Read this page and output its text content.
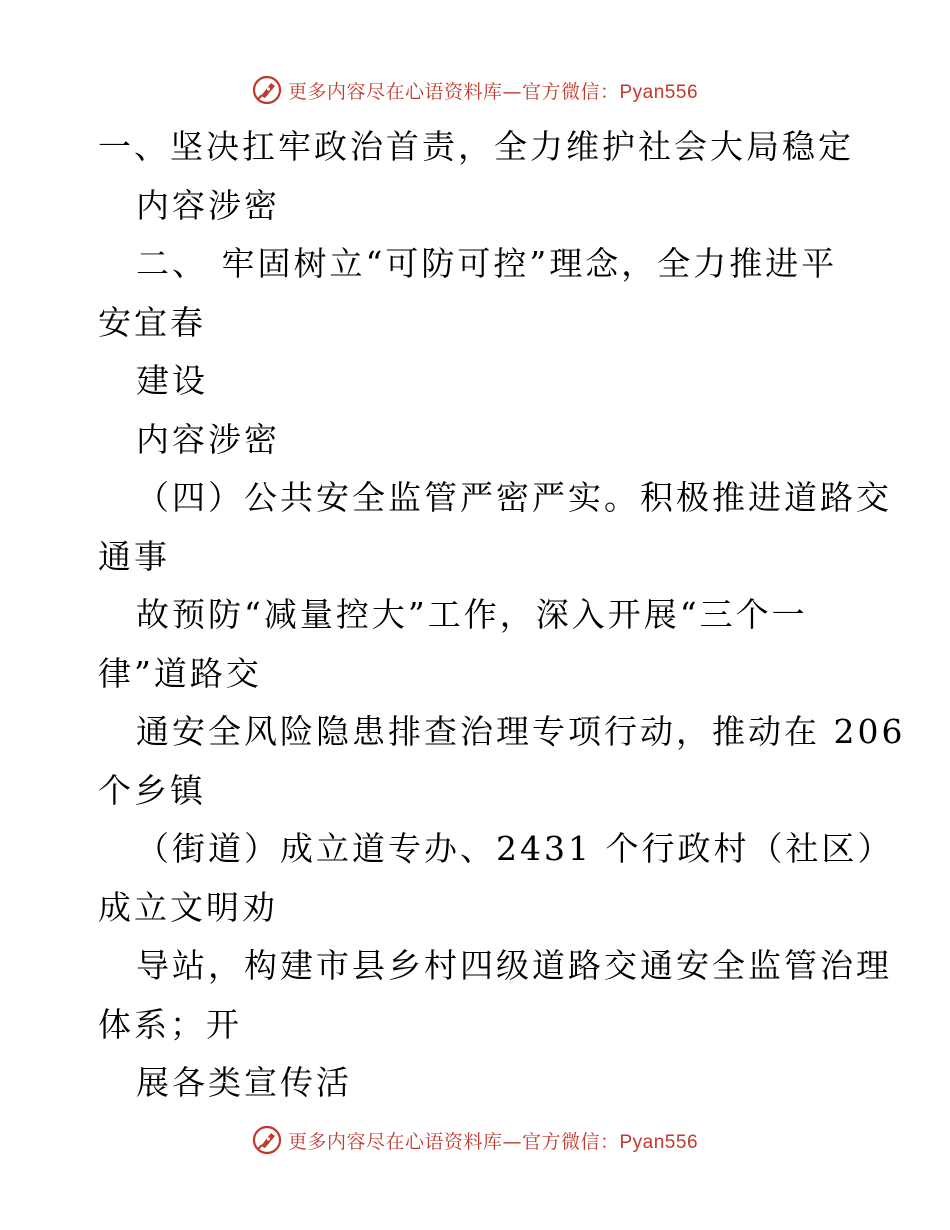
更多内容尽在心语资料库—官方微信：Pyan556
一、坚决扛牢政治首责，全力维护社会大局稳定
内容涉密
二、 牢固树立“可防可控”理念，全力推进平
安宜春
建设
内容涉密
（四）公共安全监管严密严实。积极推进道路交
通事
故预防“减量控大”工作，深入开展“三个一
律”道路交
通安全风险隐患排查治理专项行动，推动在 206
个乡镇
（街道）成立道专办、2431 个行政村（社区）
成立文明劝
导站，构建市县乡村四级道路交通安全监管治理
体系；开
展各类宣传活
更多内容尽在心语资料库—官方微信：Pyan556
